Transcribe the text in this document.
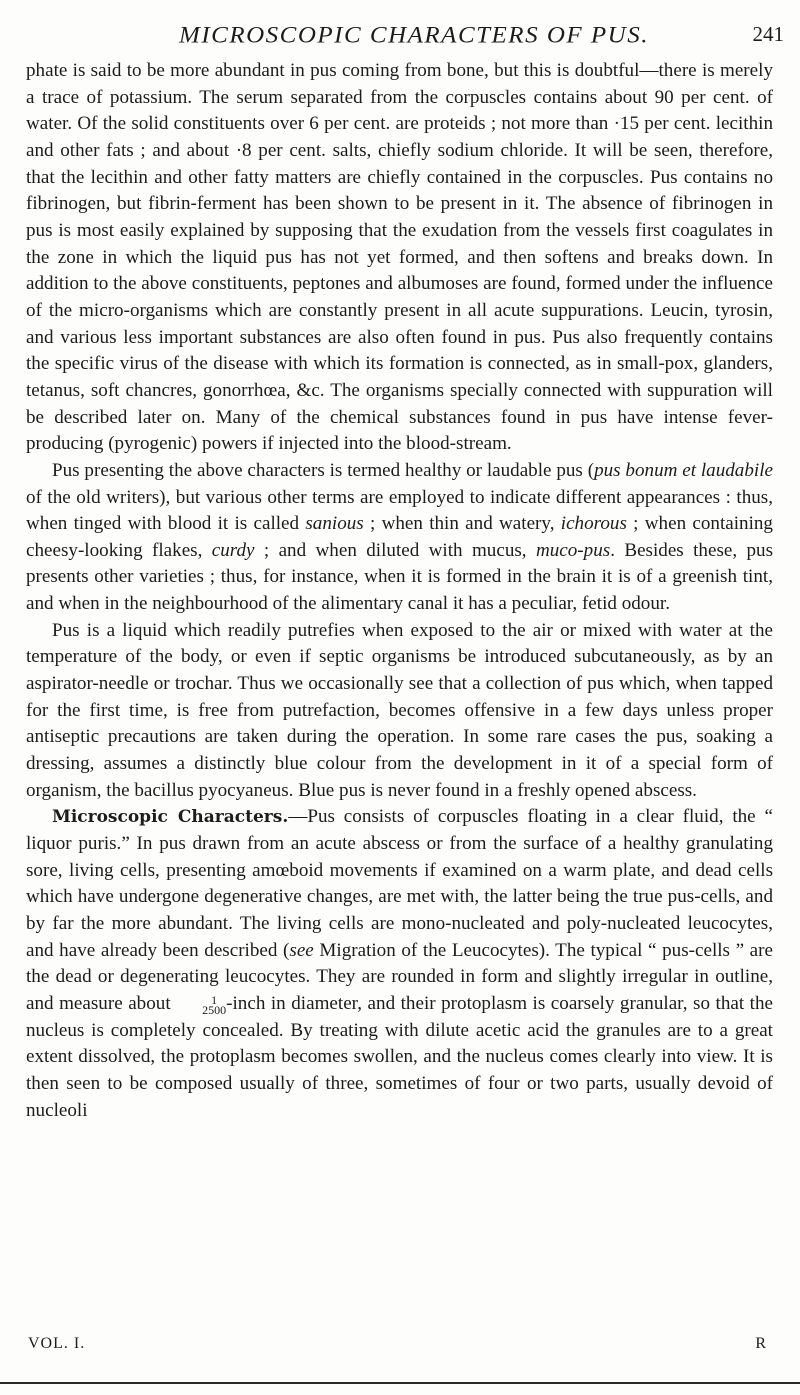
MICROSCOPIC CHARACTERS OF PUS.	241

phate is said to be more abundant in pus coming from bone, but this is doubtful—there is merely a trace of potassium. The serum separated from the corpuscles contains about 90 per cent. of water. Of the solid constituents over 6 per cent. are proteids ; not more than ·15 per cent. lecithin and other fats ; and about ·8 per cent. salts, chiefly sodium chloride. It will be seen, therefore, that the lecithin and other fatty matters are chiefly contained in the corpuscles. Pus contains no fibrinogen, but fibrin-ferment has been shown to be present in it. The absence of fibrinogen in pus is most easily explained by supposing that the exudation from the vessels first coagulates in the zone in which the liquid pus has not yet formed, and then softens and breaks down. In addition to the above constituents, peptones and albumoses are found, formed under the influence of the micro-organisms which are constantly present in all acute suppurations. Leucin, tyrosin, and various less important substances are also often found in pus. Pus also frequently contains the specific virus of the disease with which its formation is connected, as in small-pox, glanders, tetanus, soft chancres, gonorrhœa, &c. The organisms specially connected with suppuration will be described later on. Many of the chemical substances found in pus have intense fever-producing (pyrogenic) powers if injected into the blood-stream.

Pus presenting the above characters is termed healthy or laudable pus (pus bonum et laudabile of the old writers), but various other terms are employed to indicate different appearances : thus, when tinged with blood it is called sanious ; when thin and watery, ichorous ; when containing cheesy-looking flakes, curdy ; and when diluted with mucus, muco-pus. Besides these, pus presents other varieties ; thus, for instance, when it is formed in the brain it is of a greenish tint, and when in the neighbourhood of the alimentary canal it has a peculiar, fetid odour.

Pus is a liquid which readily putrefies when exposed to the air or mixed with water at the temperature of the body, or even if septic organisms be introduced subcutaneously, as by an aspirator-needle or trochar. Thus we occasionally see that a collection of pus which, when tapped for the first time, is free from putrefaction, becomes offensive in a few days unless proper antiseptic precautions are taken during the operation. In some rare cases the pus, soaking a dressing, assumes a distinctly blue colour from the development in it of a special form of organism, the bacillus pyocyaneus. Blue pus is never found in a freshly opened abscess.

Microscopic Characters.—Pus consists of corpuscles floating in a clear fluid, the “ liquor puris.” In pus drawn from an acute abscess or from the surface of a healthy granulating sore, living cells, presenting amœboid movements if examined on a warm plate, and dead cells which have undergone degenerative changes, are met with, the latter being the true pus-cells, and by far the more abundant. The living cells are mono-nucleated and poly-nucleated leucocytes, and have already been described (see Migration of the Leucocytes). The typical “ pus-cells ” are the dead or degenerating leucocytes. They are rounded in form and slightly irregular in outline, and measure about	1
2500 -inch in diameter, and their protoplasm is coarsely granular, so that the nucleus is completely concealed. By treating with dilute acetic acid the granules are to a great extent dissolved, the protoplasm becomes swollen, and the nucleus comes clearly into view. It is then seen to be composed usually of three, sometimes of four or two parts, usually devoid of nucleoli

VOL. I.	R
